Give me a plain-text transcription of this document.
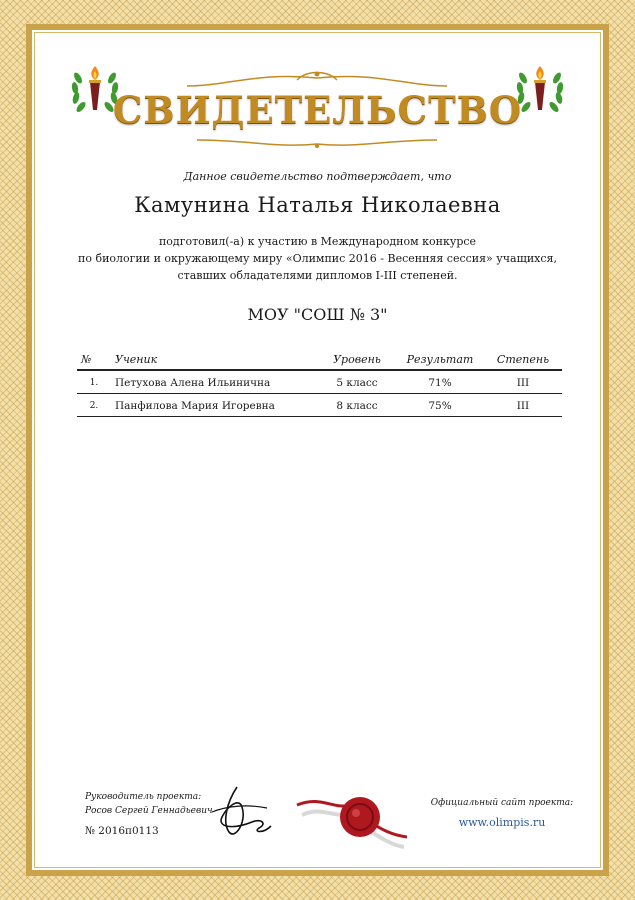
СВИДЕТЕЛЬСТВО
Данное свидетельство подтверждает, что
Камунина Наталья Николаевна
подготовил(-а) к участию в Международном конкурсе
по биологии и окружающему миру «Олимпис 2016 - Весенняя сессия» учащихся,
ставших обладателями дипломов I-III степеней.
МОУ "СОШ № 3"
№	Ученик	Уровень	Результат	Степень
1.	Петухова Алена Ильинична	5 класс	71%	III
2.	Панфилова Мария Игоревна	8 класс	75%	III
Руководитель проекта:
Росов Сергей Геннадьевич
№ 2016п0113
Официальный сайт проекта:
www.olimpis.ru
